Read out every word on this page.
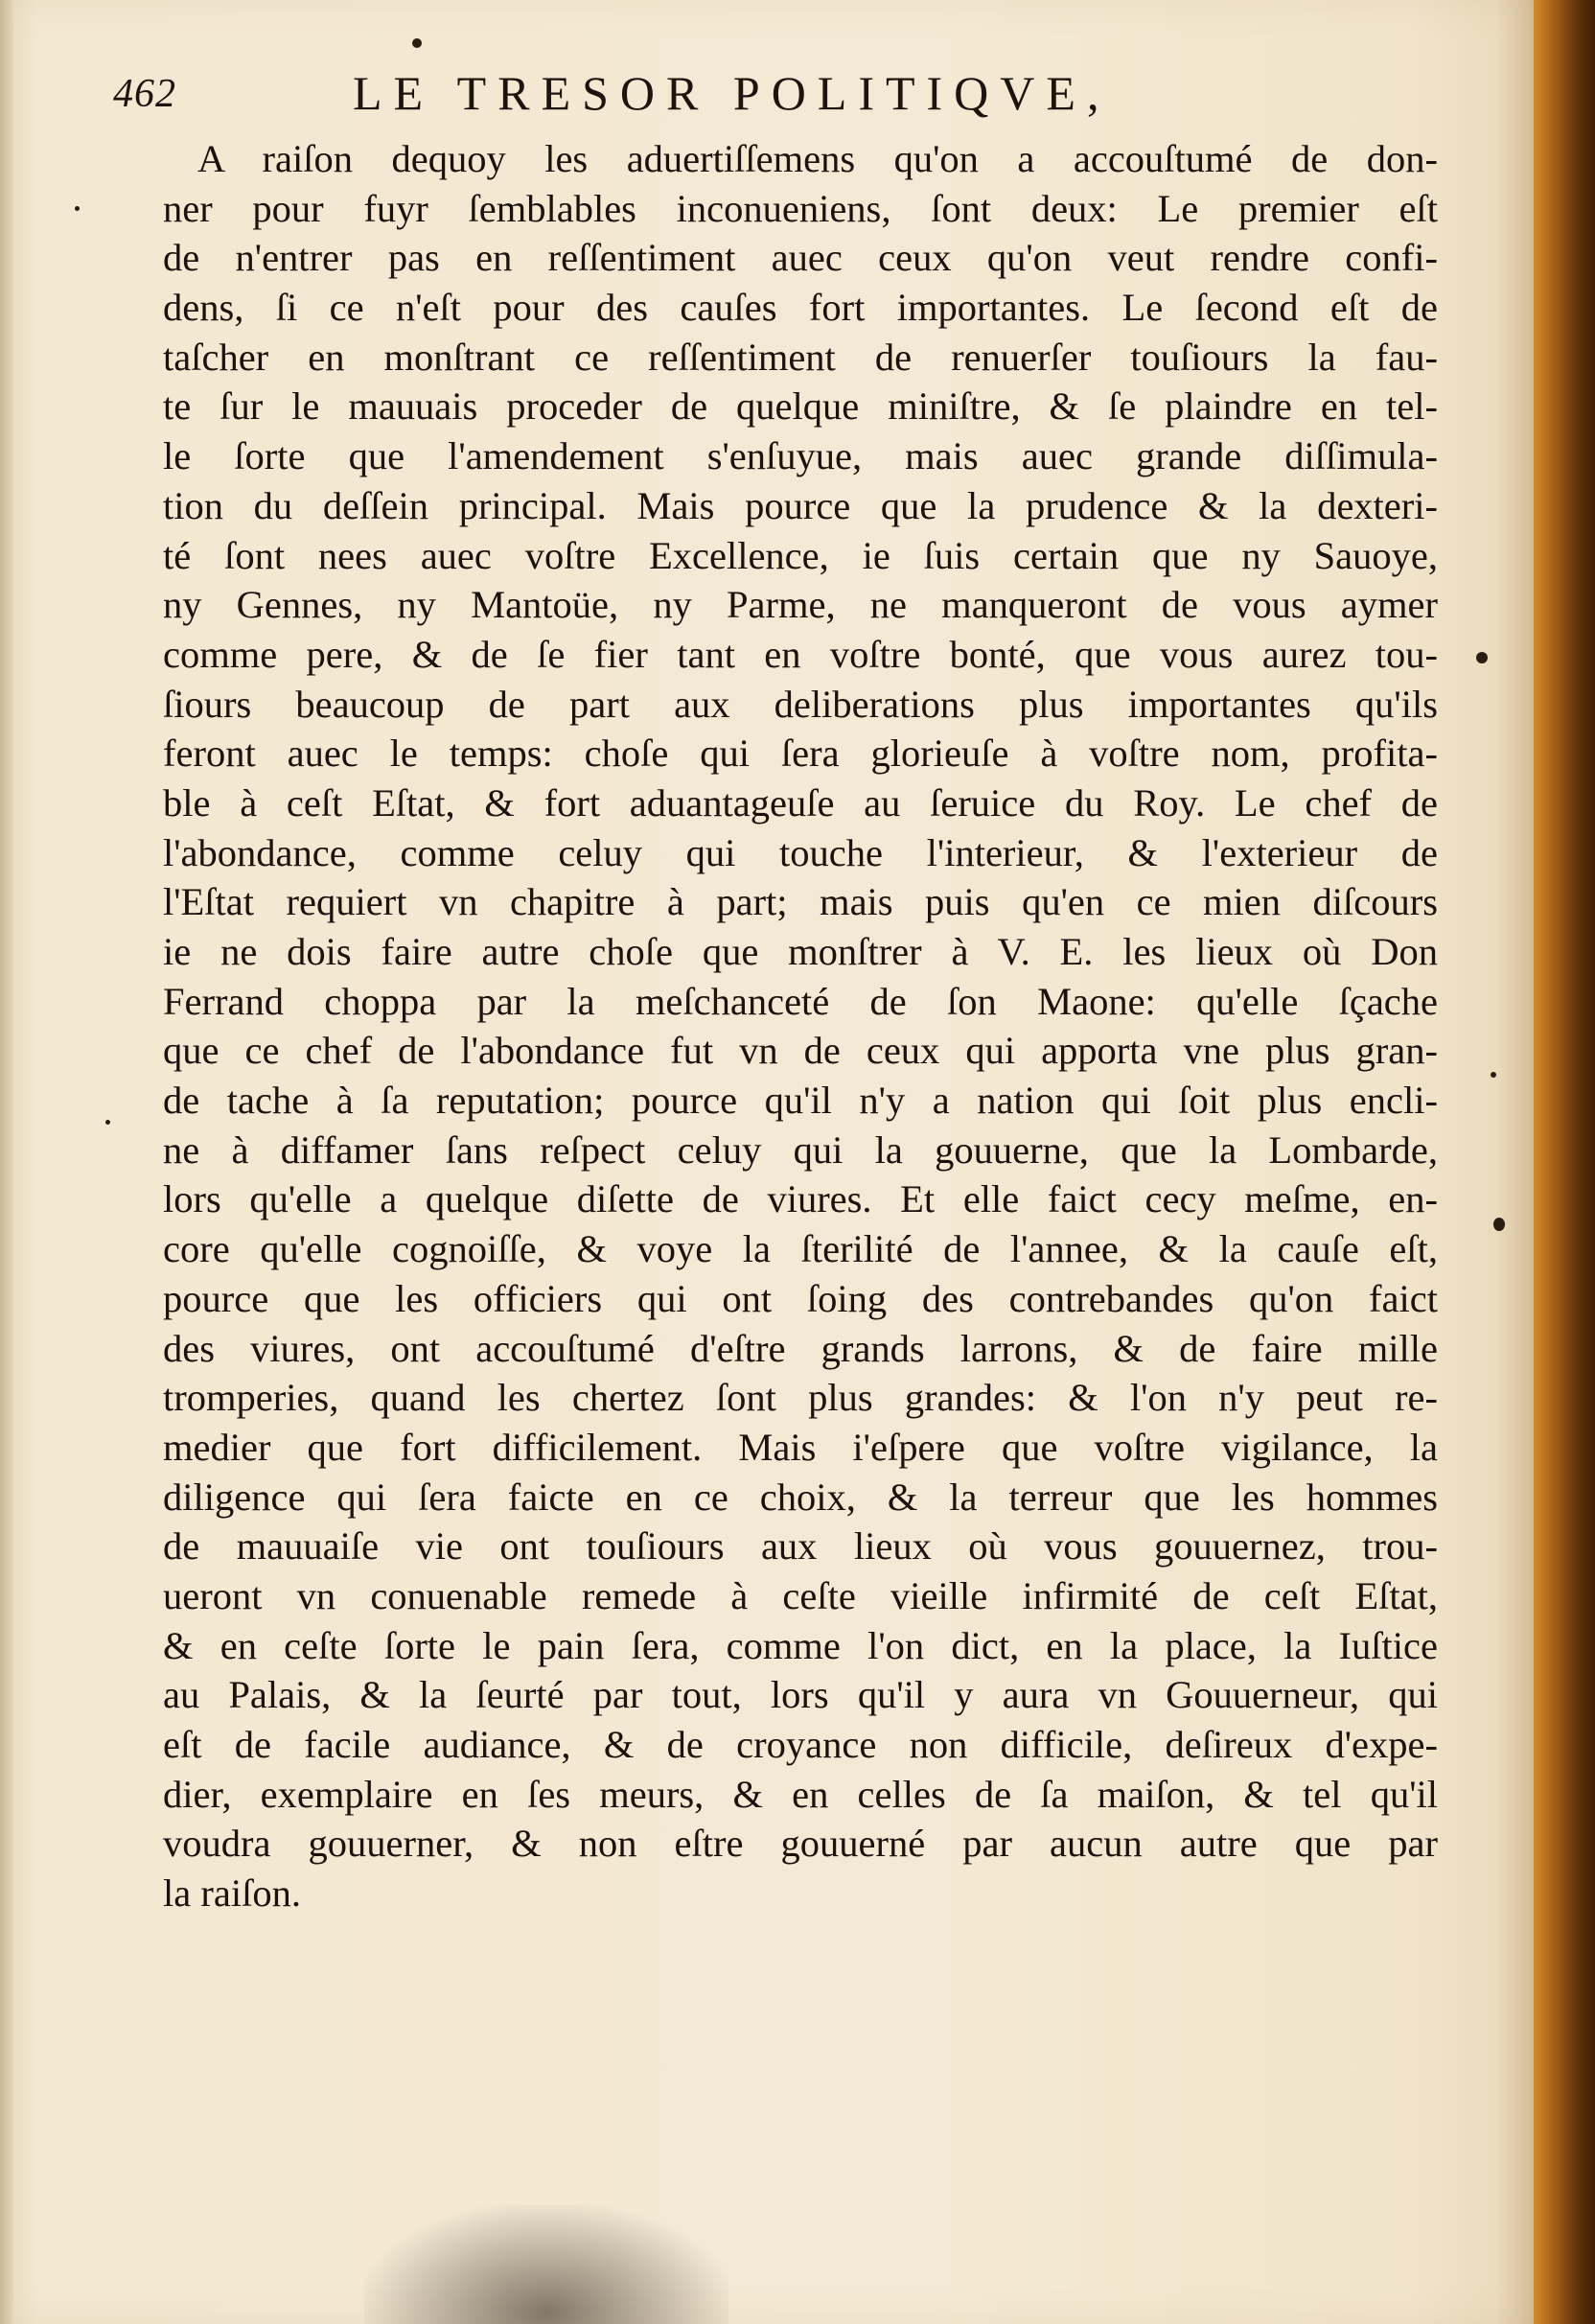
462	LE TRESOR POLITIQVE,
A raiſon dequoy les aduertiſſemens qu'on a accouſtumé de don-
ner pour fuyr ſemblables inconueniens, ſont deux: Le premier eſt
de n'entrer pas en reſſentiment auec ceux qu'on veut rendre confi-
dens, ſi ce n'eſt pour des cauſes fort importantes. Le ſecond eſt de
taſcher en monſtrant ce reſſentiment de renuerſer touſiours la fau-
te ſur le mauuais proceder de quelque miniſtre, & ſe plaindre en tel-
le ſorte que l'amendement s'enſuyue, mais auec grande diſſimula-
tion du deſſein principal. Mais pource que la prudence & la dexteri-
té ſont nees auec voſtre Excellence, ie ſuis certain que ny Sauoye,
ny Gennes, ny Mantoüe, ny Parme, ne manqueront de vous aymer
comme pere, & de ſe fier tant en voſtre bonté, que vous aurez tou-
ſiours beaucoup de part aux deliberations plus importantes qu'ils
feront auec le temps: choſe qui ſera glorieuſe à voſtre nom, profita-
ble à ceſt Eſtat, & fort aduantageuſe au ſeruice du Roy. Le chef de
l'abondance, comme celuy qui touche l'interieur, & l'exterieur de
l'Eſtat requiert vn chapitre à part; mais puis qu'en ce mien diſcours
ie ne dois faire autre choſe que monſtrer à V. E. les lieux où Don
Ferrand choppa par la meſchanceté de ſon Maone: qu'elle ſçache
que ce chef de l'abondance fut vn de ceux qui apporta vne plus gran-
de tache à ſa reputation; pource qu'il n'y a nation qui ſoit plus encli-
ne à diffamer ſans reſpect celuy qui la gouuerne, que la Lombarde,
lors qu'elle a quelque diſette de viures. Et elle faict cecy meſme, en-
core qu'elle cognoiſſe, & voye la ſterilité de l'annee, & la cauſe eſt,
pource que les officiers qui ont ſoing des contrebandes qu'on faict
des viures, ont accouſtumé d'eſtre grands larrons, & de faire mille
tromperies, quand les chertez ſont plus grandes: & l'on n'y peut re-
medier que fort difficilement. Mais i'eſpere que voſtre vigilance, la
diligence qui ſera faicte en ce choix, & la terreur que les hommes
de mauuaiſe vie ont touſiours aux lieux où vous gouuernez, trou-
ueront vn conuenable remede à ceſte vieille infirmité de ceſt Eſtat,
& en ceſte ſorte le pain ſera, comme l'on dict, en la place, la Iuſtice
au Palais, & la ſeurté par tout, lors qu'il y aura vn Gouuerneur, qui
eſt de facile audiance, & de croyance non difficile, deſireux d'expe-
dier, exemplaire en ſes meurs, & en celles de ſa maiſon, & tel qu'il
voudra gouuerner, & non eſtre gouuerné par aucun autre que par
la raiſon.
